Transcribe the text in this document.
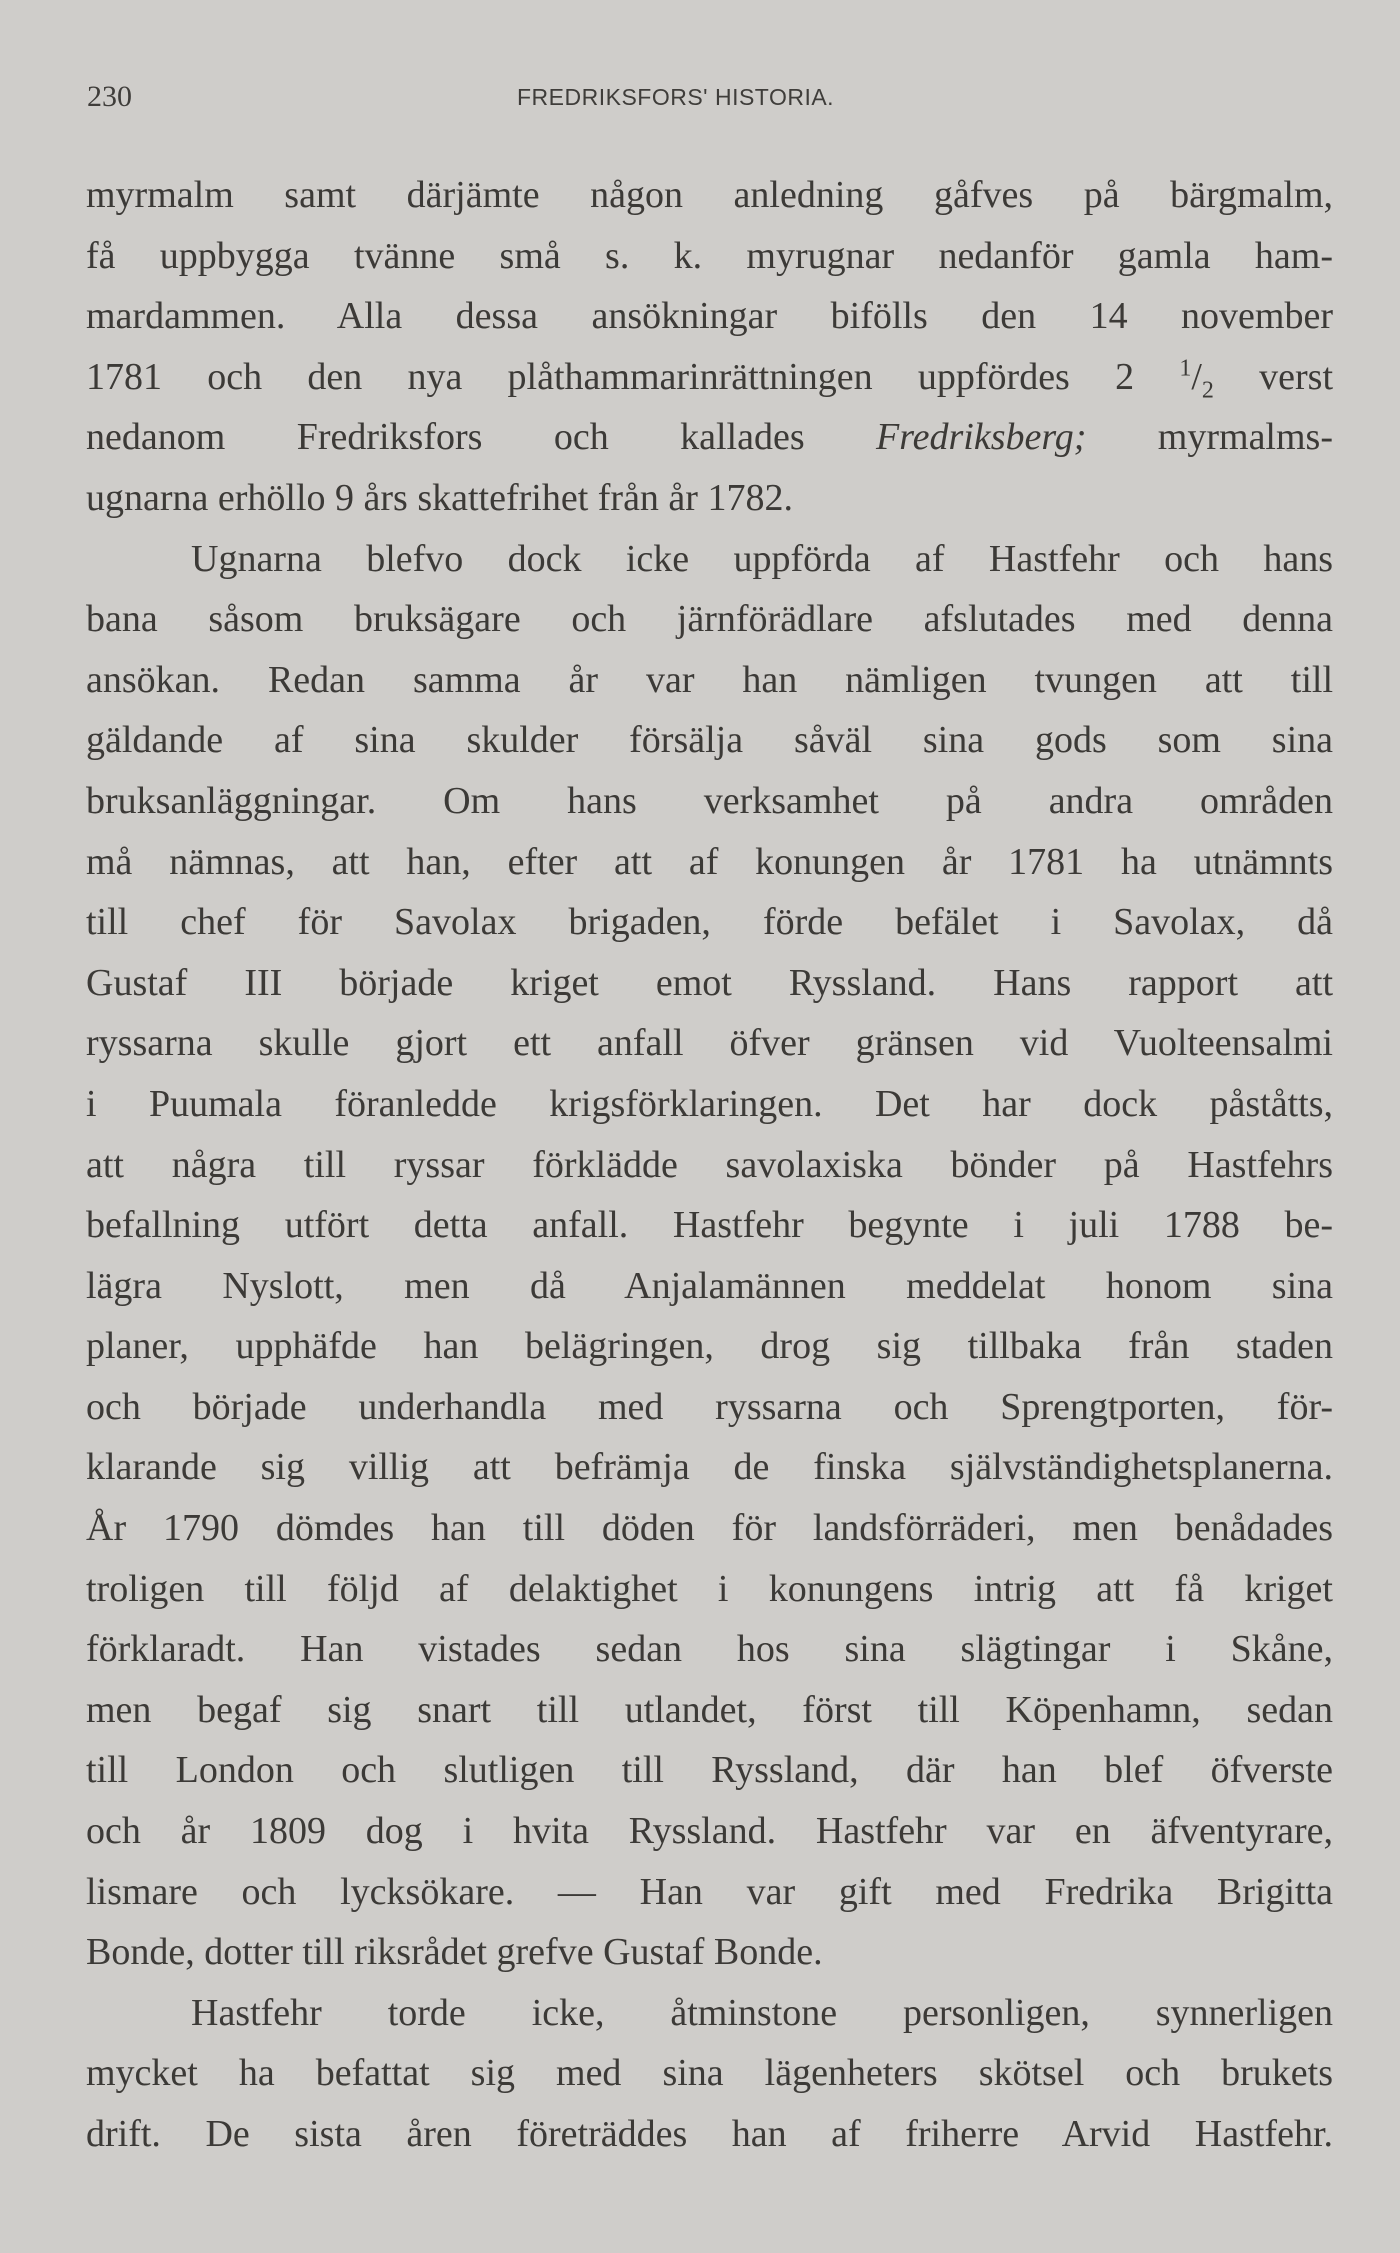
230	FREDRIKSFORS' HISTORIA.
myrmalm samt därjämte någon anledning gåfves på bärgmalm,
få uppbygga tvänne små s. k. myrugnar nedanför gamla ham-
mardammen. Alla dessa ansökningar bifölls den 14 november
1781 och den nya plåthammarinrättningen uppfördes 2 $^1/_2$ verst
nedanom Fredriksfors och kallades Fredriksberg; myrmalms-
ugnarna erhöllo 9 års skattefrihet från år 1782.
Ugnarna blefvo dock icke uppförda af Hastfehr och hans
bana såsom bruksägare och järnförädlare afslutades med denna
ansökan. Redan samma år var han nämligen tvungen att till
gäldande af sina skulder försälja såväl sina gods som sina
bruksanläggningar. Om hans verksamhet på andra områden
må nämnas, att han, efter att af konungen år 1781 ha utnämnts
till chef för Savolax brigaden, förde befälet i Savolax, då
Gustaf III började kriget emot Ryssland. Hans rapport att
ryssarna skulle gjort ett anfall öfver gränsen vid Vuolteensalmi
i Puumala föranledde krigsförklaringen. Det har dock påståtts,
att några till ryssar förklädde savolaxiska bönder på Hastfehrs
befallning utfört detta anfall. Hastfehr begynte i juli 1788 be-
lägra Nyslott, men då Anjalamännen meddelat honom sina
planer, upphäfde han belägringen, drog sig tillbaka från staden
och började underhandla med ryssarna och Sprengtporten, för-
klarande sig villig att befrämja de finska självständighetsplanerna.
År 1790 dömdes han till döden för landsförräderi, men benådades
troligen till följd af delaktighet i konungens intrig att få kriget
förklaradt. Han vistades sedan hos sina slägtingar i Skåne,
men begaf sig snart till utlandet, först till Köpenhamn, sedan
till London och slutligen till Ryssland, där han blef öfverste
och år 1809 dog i hvita Ryssland. Hastfehr var en äfventyrare,
lismare och lycksökare. — Han var gift med Fredrika Brigitta
Bonde, dotter till riksrådet grefve Gustaf Bonde.
Hastfehr torde icke, åtminstone personligen, synnerligen
mycket ha befattat sig med sina lägenheters skötsel och brukets
drift. De sista åren företräddes han af friherre Arvid Hastfehr.
